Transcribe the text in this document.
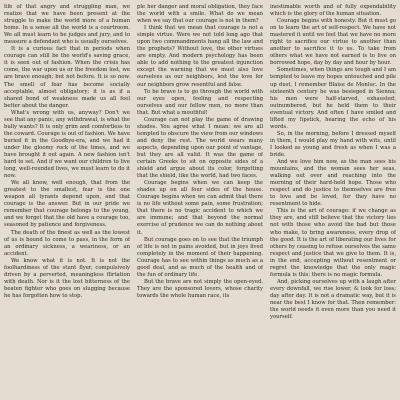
life of that angry and struggling man, we realize that we have been present at the struggle to make the world more of a human home. In a sense all the world is a courtroom. We all must learn to be judges and jury, and to measure a defendant who is usually ourselves.

It is a curious fact that in periods when courage can still be the world's saving grace, it is seen out of fashion. When the crisis has come, the war upon us or the freedom lost, we are brave enough; but not before. It is so now. The smell of fear has become socially acceptable, almost obligatory; it is as if a shared bond of weakness made us all feel better about the danger.

What's wrong with us, anyway? Don't we see that any panic, any withdrawal, is what the bully wants? It is only grim and comfortless to the coward. Courage is out of fashion. We have buried it in the Goodbye-era, and we had it under the gloomy rock of the times, and we have brought it out again. A new fashion isn't hard to set. And if we want our children to live long, well-rounded lives, we must learn to do it now.

We all know, well enough, that from the greatest to the smallest, fear is the one weapon all tyrants depend upon, and that courage is the answer. But in our pride we remember that courage belongs to the young, and we forget that the old have a courage too, seasoned by patience and forgiveness.

The death of the finest as well as the lowest of us is bound to come to pass, in the form of an ordinary sickness, a weariness, or an accident.

We know what it is not. It is not the foolhardiness of the stunt flyer, compulsively driven by a perverted, meaningless flirtation with death. Nor is it the lost bitterness of the beaten fighter who goes on slugging because he has forgotten how to stop.

ple her danger and moral obligation, they face the world with a smile. What do we mean when we say that our courage is not in them?

I think that we mean that courage is not a simple virtue. Were we not told long ago that upon two commandments hang all the law and the prophets? Without love, the other virtues are empty. And modern psychology has been able to add nothing to the greatest injunction except the warning that we must also love ourselves as our neighbors, lest the love for our neighbors grow resentful and false.

To be brave is to go through the world with our eyes open, feeling and respecting ourselves and our fellow men, no more than that. But what a mouthful!

Courage can not play the game of drawing shades. You agree what I mean: we are all tempted to obscure the view from our windows and deny the rest. The world wears many aspects, depending upon our point of vantage, but they are all valid. It was the game of certain Greeks to sit on opposite sides of a shield and argue about its color, forgetting that the shield, like the world, had two faces.

Courage begins when we can keep the shades up on all four sides of the house. Courage begins when we can admit that there is no life without some pain, some frustration; that there is no tragic accident to which we are immune; and that beyond the normal exercise of prudence we can do nothing about it.

But courage goes on to see that the triumph of life is not in pains avoided, but in joys lived completely in the moment of their happening. Courage has to see within things as much as a good deal, and as much of the health and of the fun of ordinary life.

But the brave are not simply the open-eyed. They are the sponsored lovers, whose charity towards the whole human race, its

inestimable worth and of fully expendability which is the glory of the human situation.

Courage begins with honesty. But it must go on to learn the art of self-respect. We have not mastered it until we feel that we have no more right to sacrifice our virtue to another than another to sacrifice it to us. To take from others what we have not earned is to live on borrowed hope, day by day and hour by hour.

Sometimes, when things are tough and I am tempted to leave my hopes untouched and pile up dust, I remember Blaise de Monluc. In the sixteenth century he was besieged in Sienna; his men were half-starved, exhausted, outnumbered, but he held them to their eventual victory. And often I have smiled and lifted my lipstick, hearing the echo of his words.

So, in the morning, before I dressed myself in them, I would play my hand with wits, until I looked as young and fresh as when I was a bride.

And we love him now, as the man sees his mountains, and the woman sees her seas, walking out over and reaching into the morning of their hard-held hope. Those who respect and do justice to themselves are free to love and be loved, for they have no resentment to hide.

This is the art of courage: if we change as they are, and still believe that the victory lies not with those who avoid the bad but those who make, to bring awareness, every drop of the good. It is the art of liberating our lives for others by ceasing to refuse ourselves the same respect and justice that we give to them. It is, in the end, accepting without resentment or regret the knowledge that the only magic formula is this: there is no magic formula.

And, picking ourselves up with a laugh after every downfall, we rise lower, & look for loss; day after day. It is not a dramatic way, but it is near the best I know for that. Then remember: the world needs it even more than you need it yourself.
